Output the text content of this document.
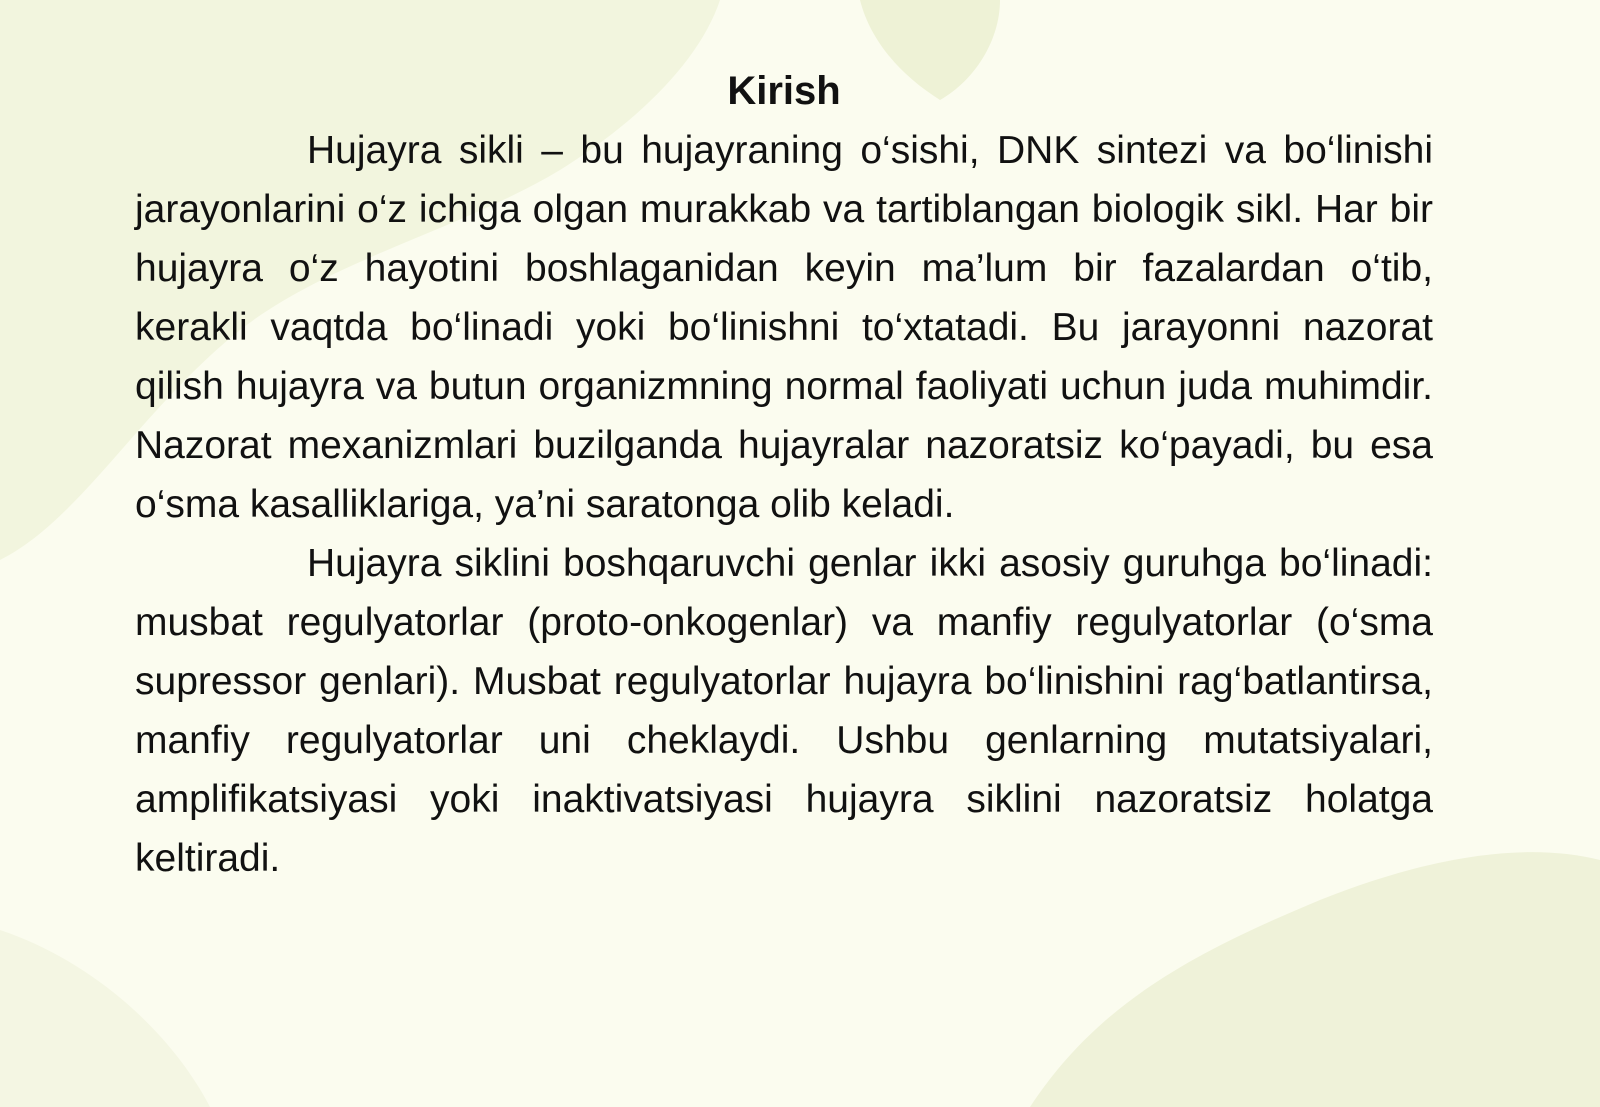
Kirish

Hujayra sikli – bu hujayraning o‘sishi, DNK sintezi va bo‘linishi jarayonlarini o‘z ichiga olgan murakkab va tartiblangan biologik sikl. Har bir hujayra o‘z hayotini boshlaganidan keyin ma’lum bir fazalardan o‘tib, kerakli vaqtda bo‘linadi yoki bo‘linishni to‘xtatadi. Bu jarayonni nazorat qilish hujayra va butun organizmning normal faoliyati uchun juda muhimdir. Nazorat mexanizmlari buzilganda hujayralar nazoratsiz ko‘payadi, bu esa o‘sma kasalliklariga, ya’ni saratonga olib keladi.

Hujayra siklini boshqaruvchi genlar ikki asosiy guruhga bo‘linadi: musbat regulyatorlar (proto-onkogenlar) va manfiy regulyatorlar (o‘sma supressor genlari). Musbat regulyatorlar hujayra bo‘linishini rag‘batlantirsa, manfiy regulyatorlar uni cheklaydi. Ushbu genlarning mutatsiyalari, amplifikatsiyasi yoki inaktivatsiyasi hujayra siklini nazoratsiz holatga keltiradi.
